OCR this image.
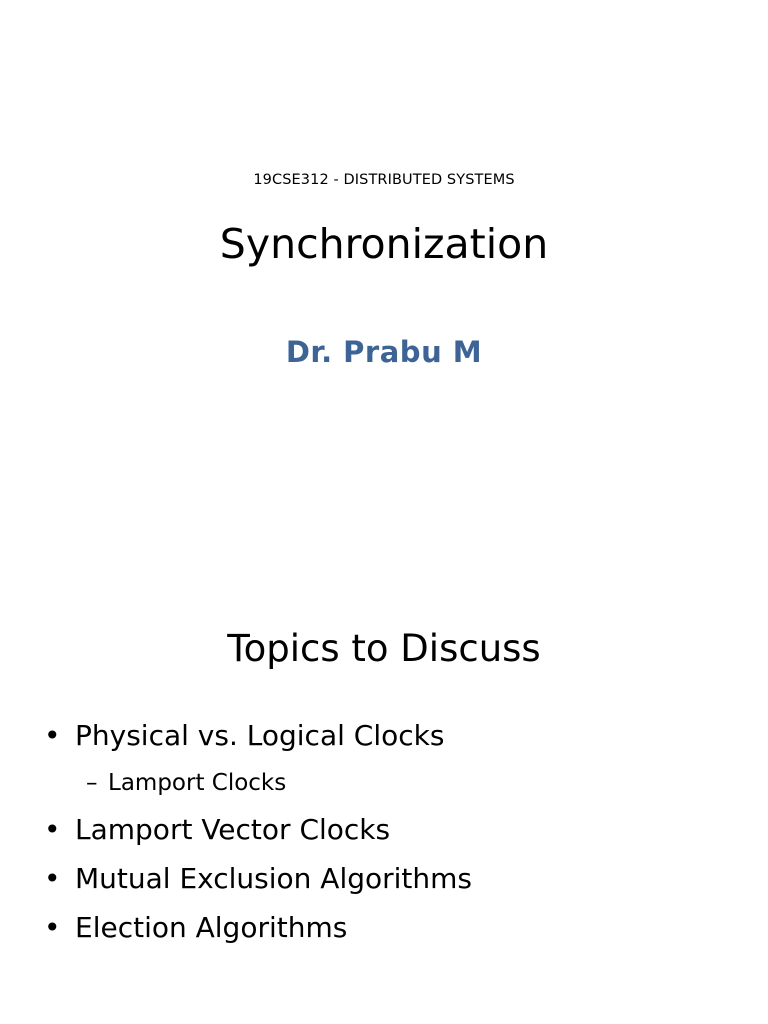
19CSE312 - DISTRIBUTED SYSTEMS
Synchronization
Dr. Prabu M
Topics to Discuss
• Physical vs. Logical Clocks
– Lamport Clocks
• Lamport Vector Clocks
• Mutual Exclusion Algorithms
• Election Algorithms
